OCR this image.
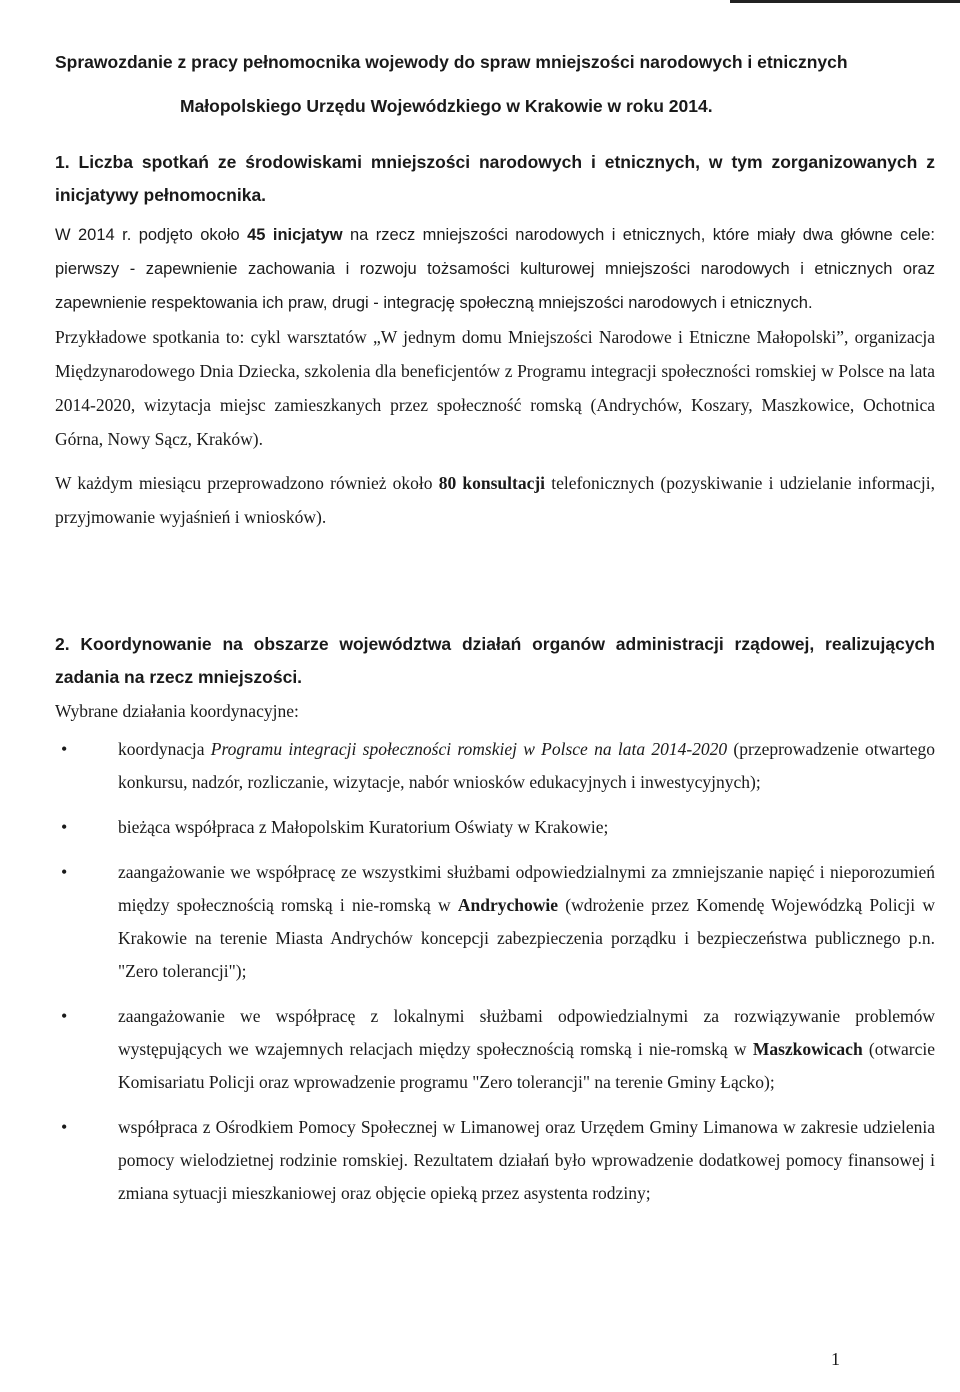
Sprawozdanie z pracy pełnomocnika wojewody do spraw mniejszości narodowych i etnicznych
Małopolskiego Urzędu Wojewódzkiego w Krakowie w roku 2014.
1. Liczba spotkań ze środowiskami mniejszości narodowych i etnicznych, w tym zorganizowanych z inicjatywy pełnomocnika.

W 2014 r. podjęto około 45 inicjatyw na rzecz mniejszości narodowych i etnicznych, które miały dwa główne cele: pierwszy - zapewnienie zachowania i rozwoju tożsamości kulturowej mniejszości narodowych i etnicznych oraz zapewnienie respektowania ich praw, drugi - integrację społeczną mniejszości narodowych i etnicznych.

Przykładowe spotkania to: cykl warsztatów „W jednym domu Mniejszości Narodowe i Etniczne Małopolski”, organizacja Międzynarodowego Dnia Dziecka, szkolenia dla beneficjentów z Programu integracji społeczności romskiej w Polsce na lata 2014-2020, wizytacja miejsc zamieszkanych przez społeczność romską (Andrychów, Koszary, Maszkowice, Ochotnica Górna, Nowy Sącz, Kraków).

W każdym miesiącu przeprowadzono również około 80 konsultacji telefonicznych (pozyskiwanie i udzielanie informacji, przyjmowanie wyjaśnień i wniosków).

2. Koordynowanie na obszarze województwa działań organów administracji rządowej, realizujących zadania na rzecz mniejszości.

Wybrane działania koordynacyjne:

•	koordynacja Programu integracji społeczności romskiej w Polsce na lata 2014-2020 (przeprowadzenie otwartego konkursu, nadzór, rozliczanie, wizytacje, nabór wniosków edukacyjnych i inwestycyjnych);
•	bieżąca współpraca z Małopolskim Kuratorium Oświaty w Krakowie;
•	zaangażowanie we współpracę ze wszystkimi służbami odpowiedzialnymi za zmniejszanie napięć i nieporozumień między społecznością romską i nie-romską w Andrychowie (wdrożenie przez Komendę Wojewódzką Policji w Krakowie na terenie Miasta Andrychów koncepcji zabezpieczenia porządku i bezpieczeństwa publicznego p.n. "Zero tolerancji");
•	zaangażowanie we współpracę z lokalnymi służbami odpowiedzialnymi za rozwiązywanie problemów występujących we wzajemnych relacjach między społecznością romską i nie-romską w Maszkowicach (otwarcie Komisariatu Policji oraz wprowadzenie programu "Zero tolerancji" na terenie Gminy Łącko);
•	współpraca z Ośrodkiem Pomocy Społecznej w Limanowej oraz Urzędem Gminy Limanowa w zakresie udzielenia pomocy wielodzietnej rodzinie romskiej. Rezultatem działań było wprowadzenie dodatkowej pomocy finansowej i zmiana sytuacji mieszkaniowej oraz objęcie opieką przez asystenta rodziny;
1
